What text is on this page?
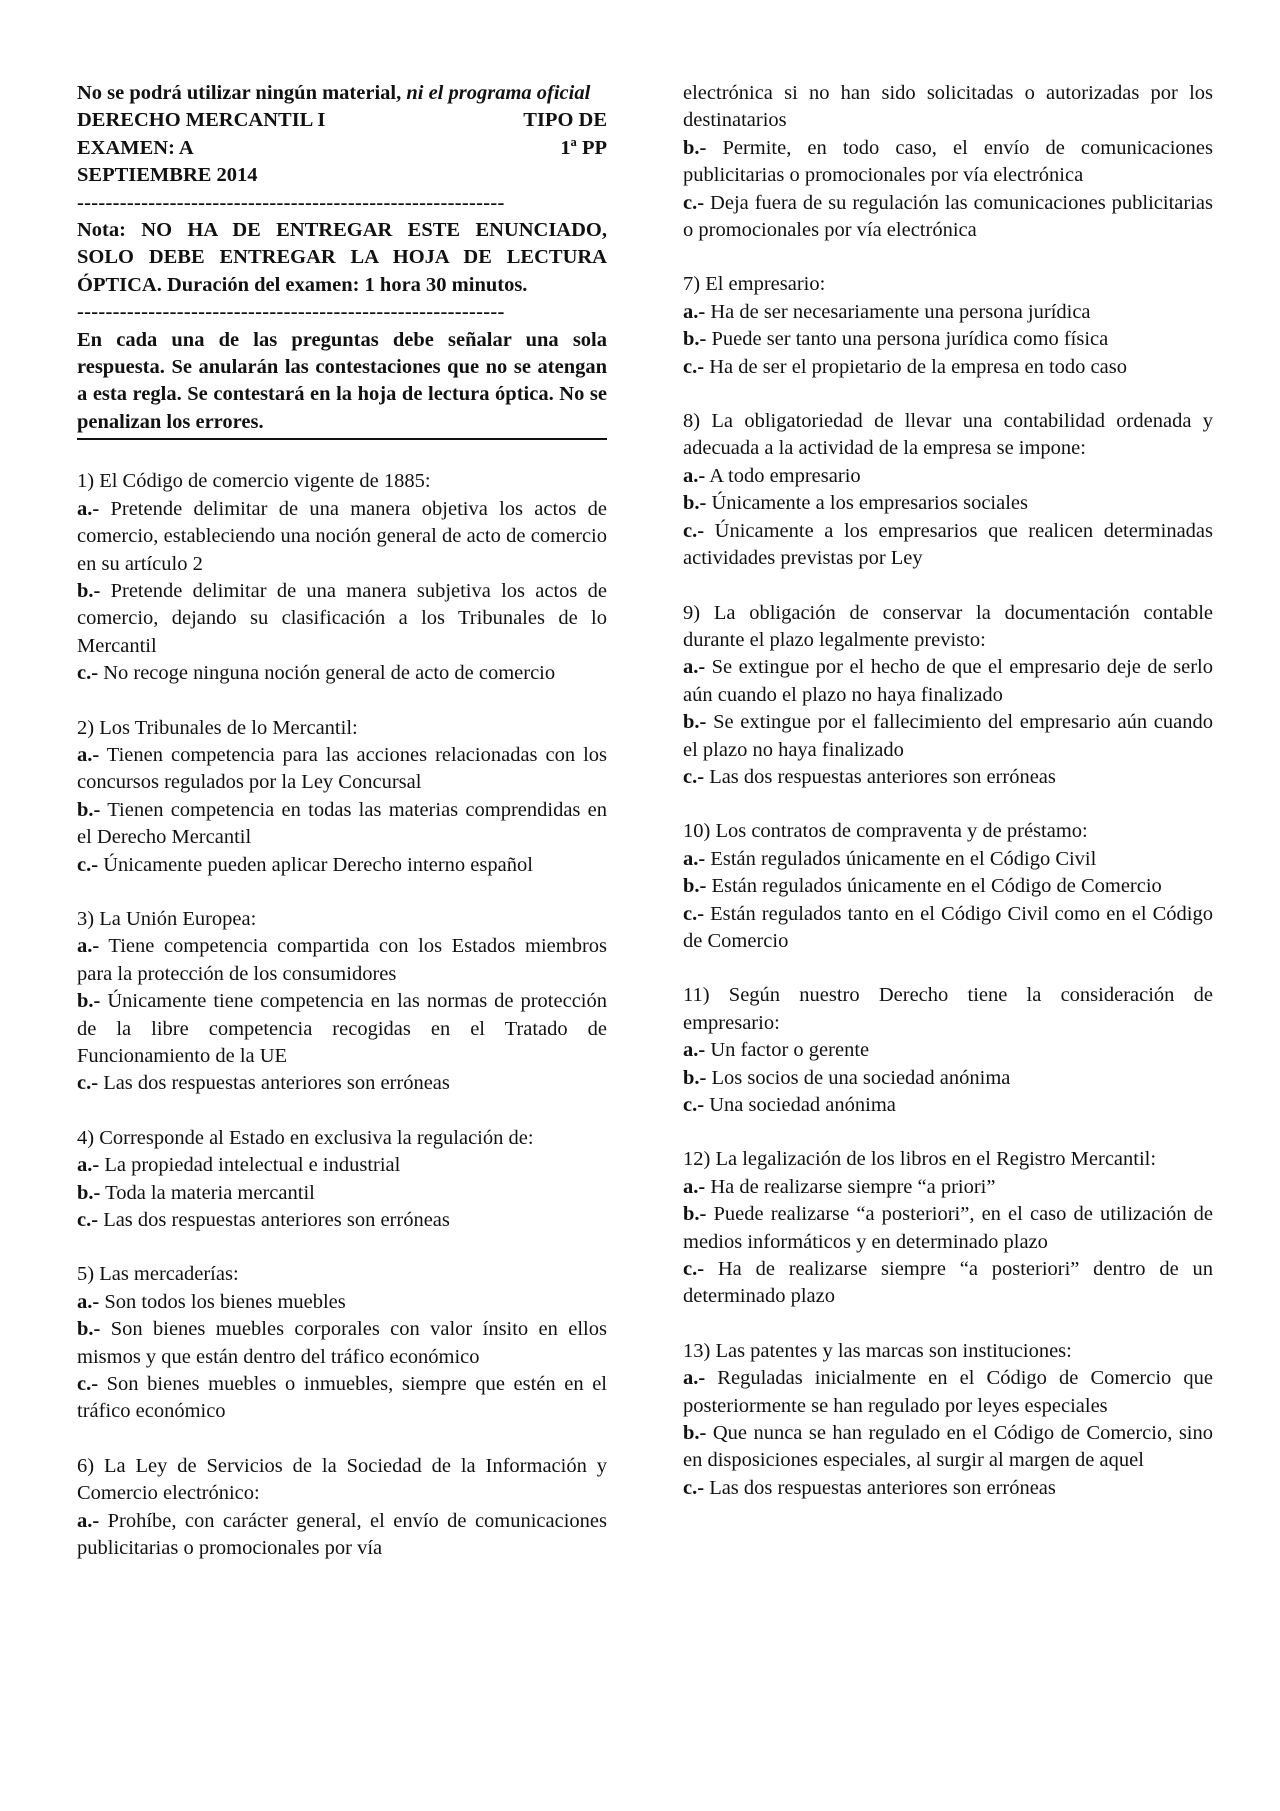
No se podrá utilizar ningún material, ni el programa oficial

DERECHO MERCANTIL I	TIPO DE
EXAMEN: A	1ª PP

SEPTIEMBRE 2014

------------------------------------------------------------

Nota: NO HA DE ENTREGAR ESTE ENUNCIADO, SOLO DEBE ENTREGAR LA HOJA DE LECTURA ÓPTICA. Duración del examen: 1 hora 30 minutos.

------------------------------------------------------------

En cada una de las preguntas debe señalar una sola respuesta. Se anularán las contestaciones que no se atengan a esta regla. Se contestará en la hoja de lectura óptica. No se penalizan los errores.

1) El Código de comercio vigente de 1885:

a.- Pretende delimitar de una manera objetiva los actos de comercio, estableciendo una noción general de acto de comercio en su artículo 2

b.- Pretende delimitar de una manera subjetiva los actos de comercio, dejando su clasificación a los Tribunales de lo Mercantil

c.- No recoge ninguna noción general de acto de comercio

2) Los Tribunales de lo Mercantil:

a.- Tienen competencia para las acciones relacionadas con los concursos regulados por la Ley Concursal

b.- Tienen competencia en todas las materias comprendidas en el Derecho Mercantil

c.- Únicamente pueden aplicar Derecho interno español

3) La Unión Europea:

a.- Tiene competencia compartida con los Estados miembros para la protección de los consumidores

b.- Únicamente tiene competencia en las normas de protección de la libre competencia recogidas en el Tratado de Funcionamiento de la UE

c.- Las dos respuestas anteriores son erróneas

4) Corresponde al Estado en exclusiva la regulación de:

a.- La propiedad intelectual e industrial

b.- Toda la materia mercantil

c.- Las dos respuestas anteriores son erróneas

5) Las mercaderías:

a.- Son todos los bienes muebles

b.- Son bienes muebles corporales con valor ínsito en ellos mismos y que están dentro del tráfico económico

c.- Son bienes muebles o inmuebles, siempre que estén en el tráfico económico

6) La Ley de Servicios de la Sociedad de la Información y Comercio electrónico:

a.- Prohíbe, con carácter general, el envío de comunicaciones publicitarias o promocionales por vía

electrónica si no han sido solicitadas o autorizadas por los destinatarios

b.- Permite, en todo caso, el envío de comunicaciones publicitarias o promocionales por vía electrónica

c.- Deja fuera de su regulación las comunicaciones publicitarias o promocionales por vía electrónica

7) El empresario:

a.- Ha de ser necesariamente una persona jurídica

b.- Puede ser tanto una persona jurídica como física

c.- Ha de ser el propietario de la empresa en todo caso

8) La obligatoriedad de llevar una contabilidad ordenada y adecuada a la actividad de la empresa se impone:

a.- A todo empresario

b.- Únicamente a los empresarios sociales

c.- Únicamente a los empresarios que realicen determinadas actividades previstas por Ley

9) La obligación de conservar la documentación contable durante el plazo legalmente previsto:

a.- Se extingue por el hecho de que el empresario deje de serlo aún cuando el plazo no haya finalizado

b.- Se extingue por el fallecimiento del empresario aún cuando el plazo no haya finalizado

c.- Las dos respuestas anteriores son erróneas

10) Los contratos de compraventa y de préstamo:

a.- Están regulados únicamente en el Código Civil

b.- Están regulados únicamente en el Código de Comercio

c.- Están regulados tanto en el Código Civil como en el Código de Comercio

11) Según nuestro Derecho tiene la consideración de empresario:

a.- Un factor o gerente

b.- Los socios de una sociedad anónima

c.- Una sociedad anónima

12) La legalización de los libros en el Registro Mercantil:

a.- Ha de realizarse siempre “a priori”

b.- Puede realizarse “a posteriori”, en el caso de utilización de medios informáticos y en determinado plazo

c.- Ha de realizarse siempre “a posteriori” dentro de un determinado plazo

13) Las patentes y las marcas son instituciones:

a.- Reguladas inicialmente en el Código de Comercio que posteriormente se han regulado por leyes especiales

b.- Que nunca se han regulado en el Código de Comercio, sino en disposiciones especiales, al surgir al margen de aquel

c.- Las dos respuestas anteriores son erróneas
